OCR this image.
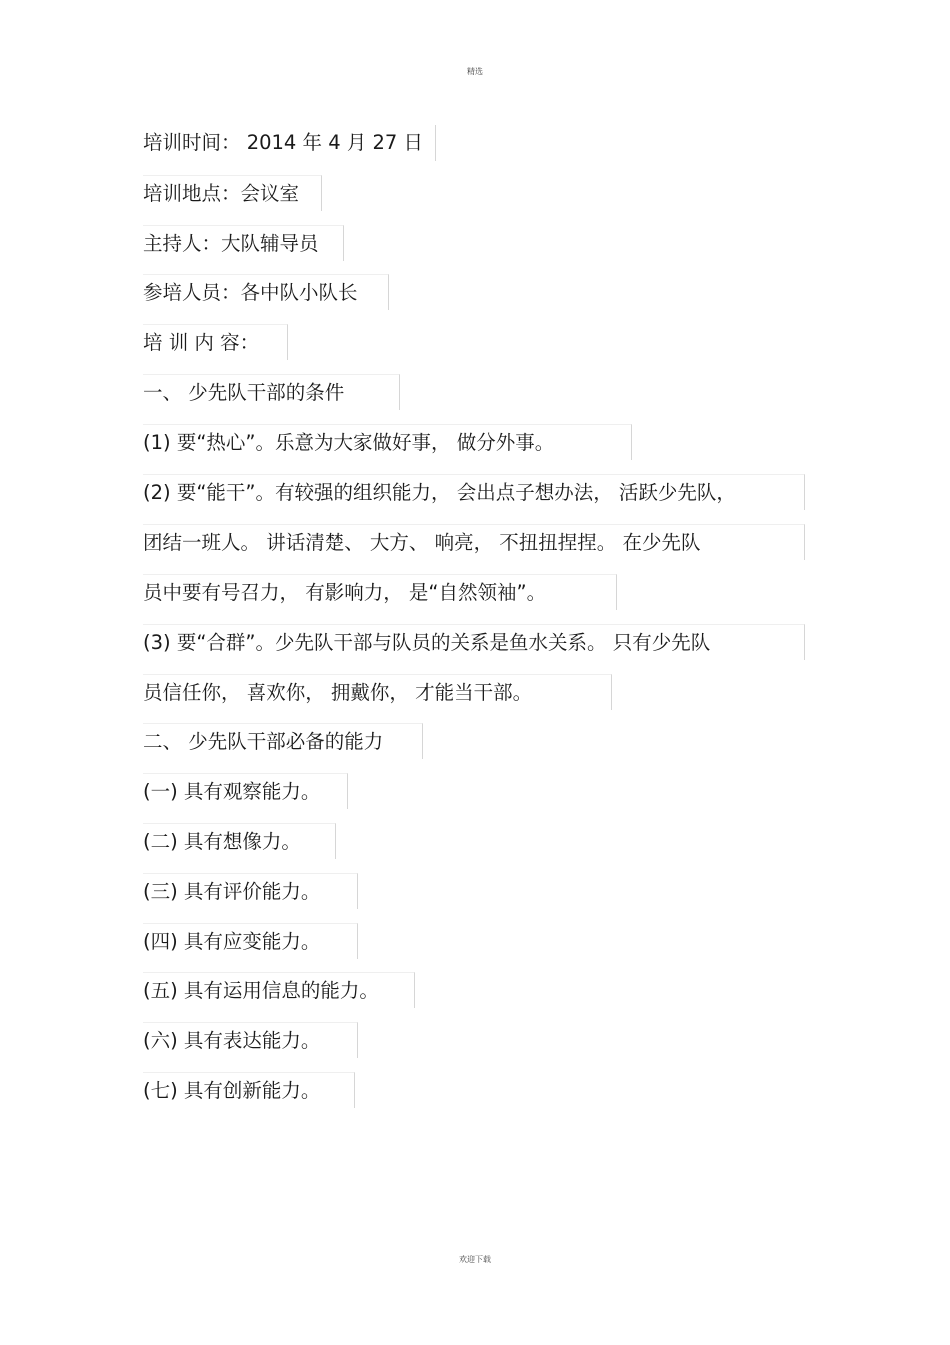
精选
培训时间： 2014 年 4 月 27 日
培训地点：会议室
主持人：大队辅导员
参培人员：各中队小队长
培 训 内 容：
一、 少先队干部的条件
(1) 要“热心”。乐意为大家做好事， 做分外事。
(2) 要“能干”。有较强的组织能力， 会出点子想办法， 活跃少先队，
团结一班人。 讲话清楚、 大方、 响亮， 不扭扭捏捏。 在少先队
员中要有号召力， 有影响力， 是“自然领袖”。
(3) 要“合群”。少先队干部与队员的关系是鱼水关系。 只有少先队
员信任你， 喜欢你， 拥戴你， 才能当干部。
二、 少先队干部必备的能力
(一) 具有观察能力。
(二) 具有想像力。
(三) 具有评价能力。
(四) 具有应变能力。
(五) 具有运用信息的能力。
(六) 具有表达能力。
(七) 具有创新能力。
欢迎下载
